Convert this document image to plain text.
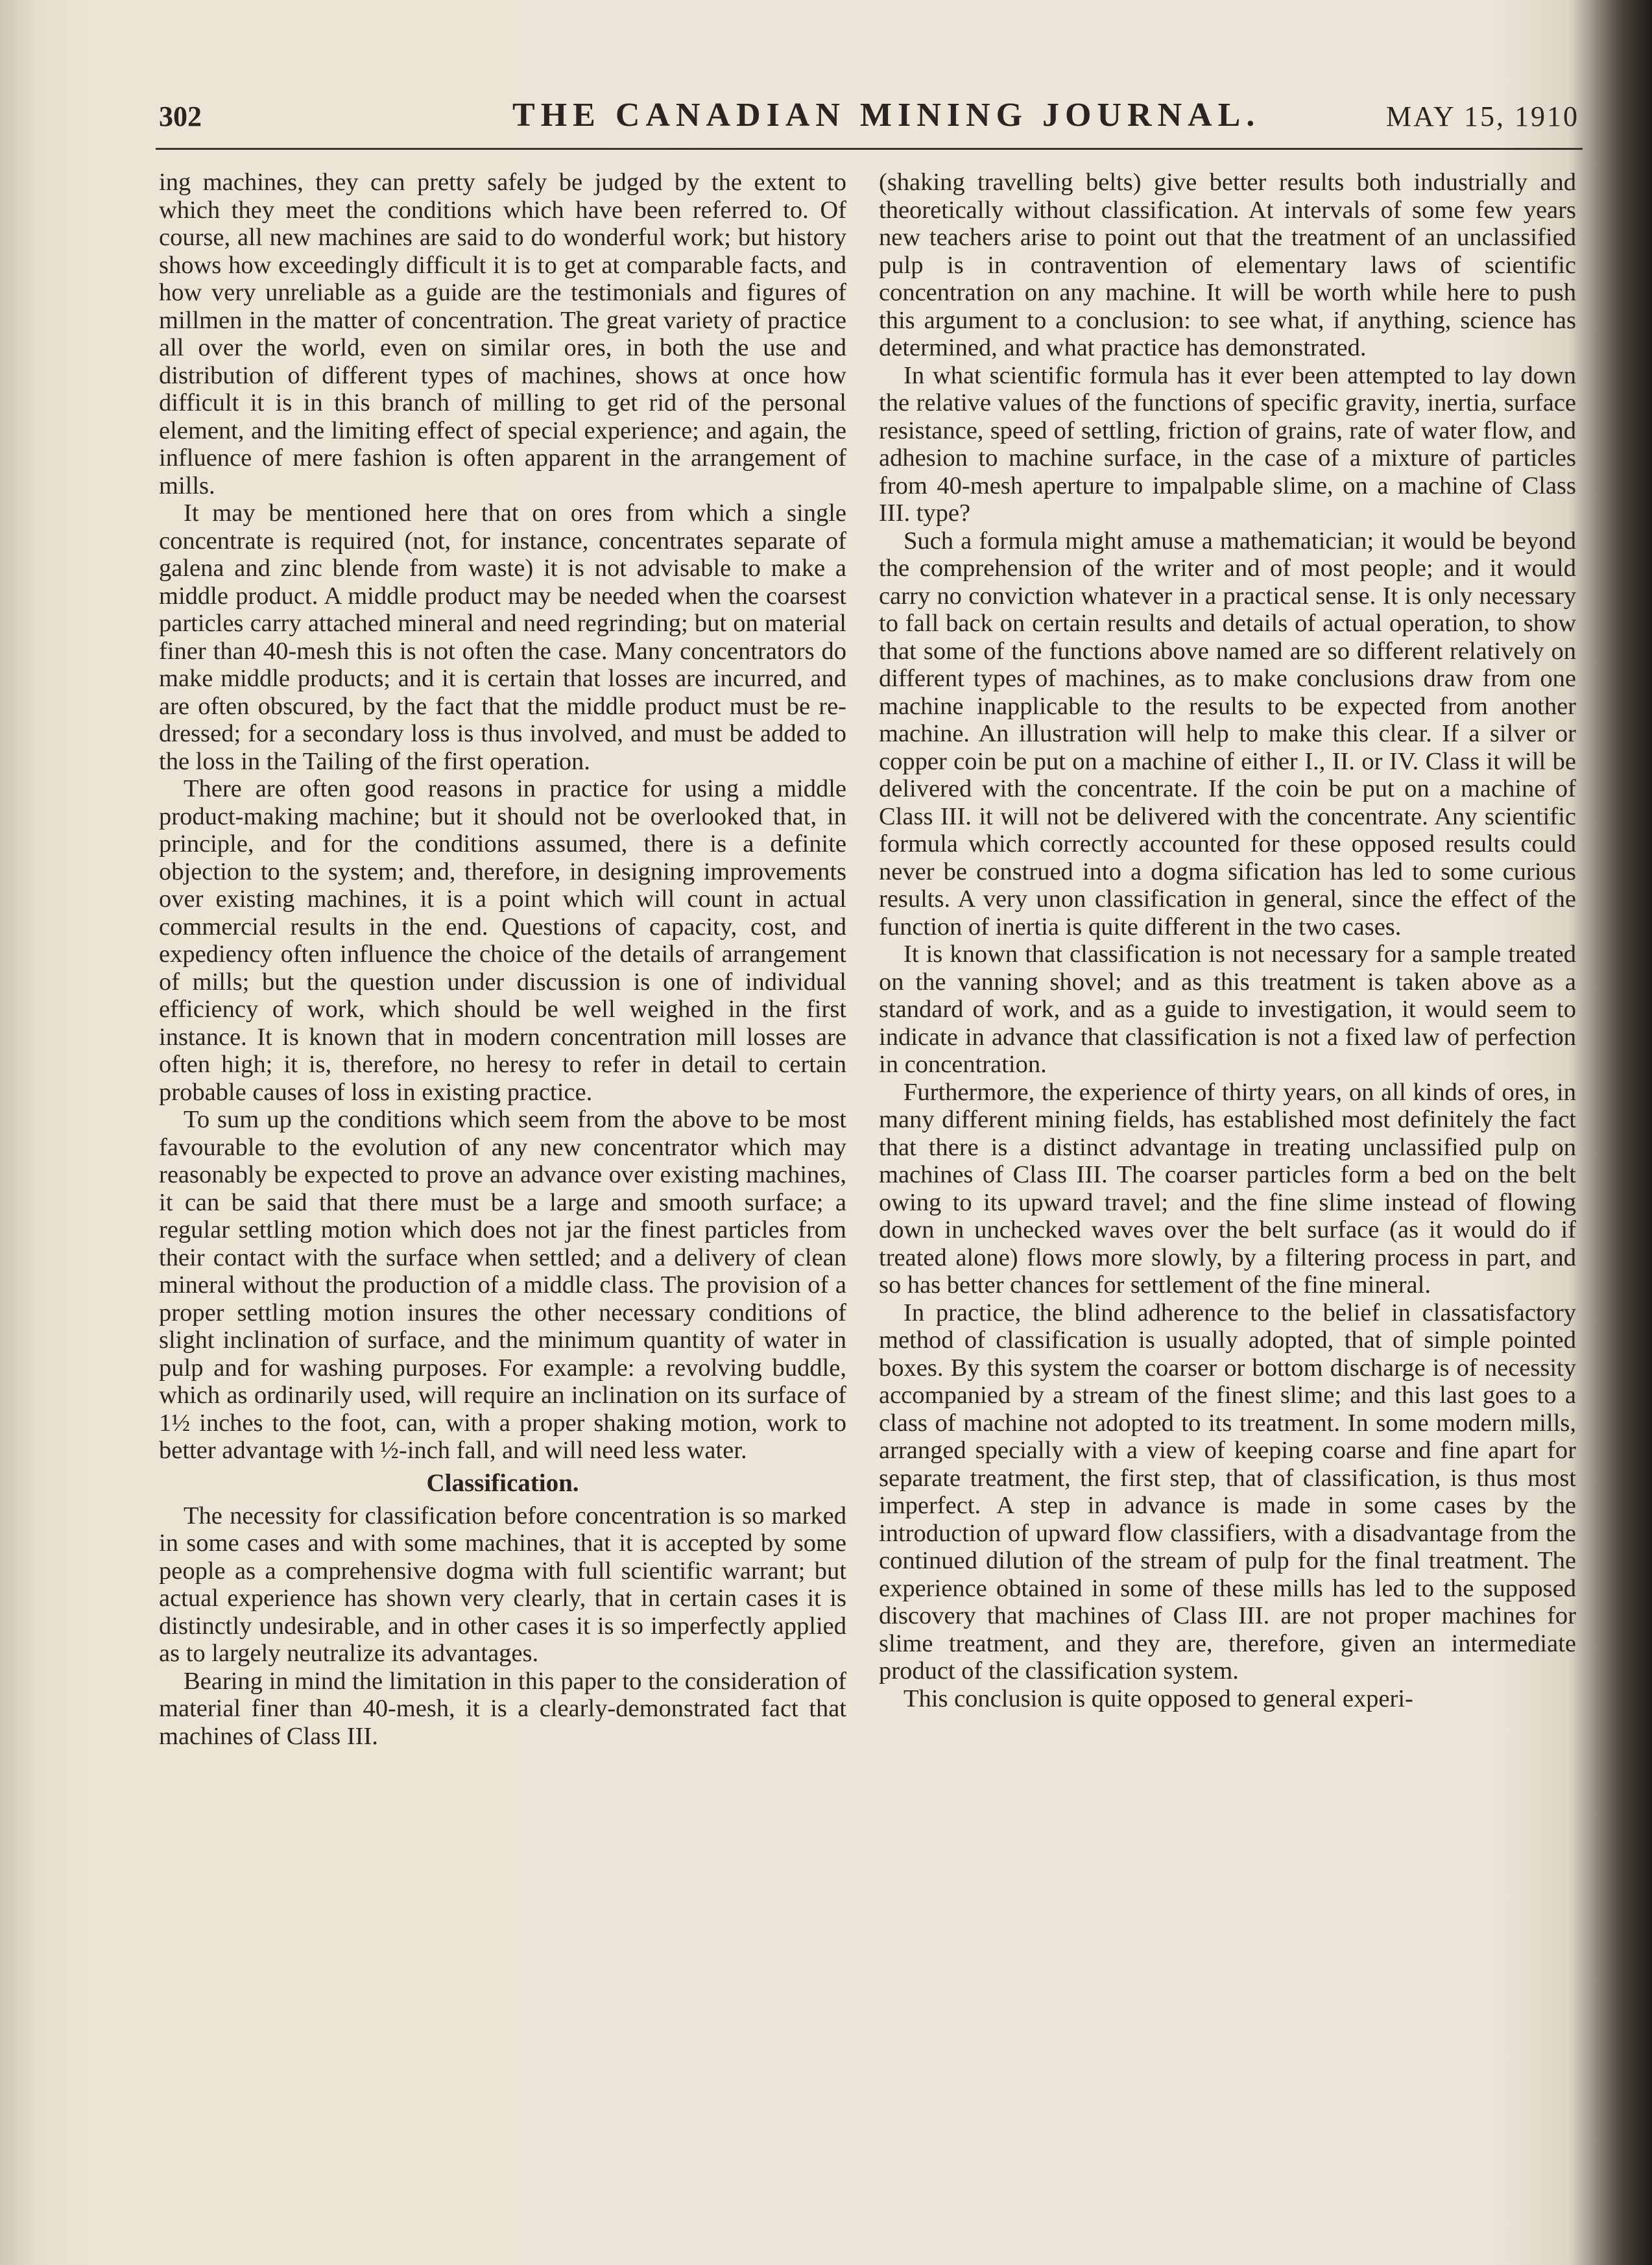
302	THE CANADIAN MINING JOURNAL.	MAY 15, 1910

ing machines, they can pretty safely be judged by the extent to which they meet the conditions which have been referred to. Of course, all new machines are said to do wonderful work; but history shows how exceedingly difficult it is to get at comparable facts, and how very unreliable as a guide are the testimonials and figures of millmen in the matter of concentration. The great variety of practice all over the world, even on similar ores, in both the use and distribution of different types of machines, shows at once how difficult it is in this branch of milling to get rid of the personal element, and the limiting effect of special experience; and again, the influence of mere fashion is often apparent in the arrangement of mills.

It may be mentioned here that on ores from which a single concentrate is required (not, for instance, concentrates separate of galena and zinc blende from waste) it is not advisable to make a middle product. A middle product may be needed when the coarsest particles carry attached mineral and need regrinding; but on material finer than 40-mesh this is not often the case. Many concentrators do make middle products; and it is certain that losses are incurred, and are often obscured, by the fact that the middle product must be re-dressed; for a secondary loss is thus involved, and must be added to the loss in the Tailing of the first operation.

There are often good reasons in practice for using a middle product-making machine; but it should not be overlooked that, in principle, and for the conditions assumed, there is a definite objection to the system; and, therefore, in designing improvements over existing machines, it is a point which will count in actual commercial results in the end. Questions of capacity, cost, and expediency often influence the choice of the details of arrangement of mills; but the question under discussion is one of individual efficiency of work, which should be well weighed in the first instance. It is known that in modern concentration mill losses are often high; it is, therefore, no heresy to refer in detail to certain probable causes of loss in existing practice.

To sum up the conditions which seem from the above to be most favourable to the evolution of any new concentrator which may reasonably be expected to prove an advance over existing machines, it can be said that there must be a large and smooth surface; a regular settling motion which does not jar the finest particles from their contact with the surface when settled; and a delivery of clean mineral without the production of a middle class. The provision of a proper settling motion insures the other necessary conditions of slight inclination of surface, and the minimum quantity of water in pulp and for washing purposes. For example: a revolving buddle, which as ordinarily used, will require an inclination on its surface of 1½ inches to the foot, can, with a proper shaking motion, work to better advantage with ½-inch fall, and will need less water.

Classification.

The necessity for classification before concentration is so marked in some cases and with some machines, that it is accepted by some people as a comprehensive dogma with full scientific warrant; but actual experience has shown very clearly, that in certain cases it is distinctly undesirable, and in other cases it is so imperfectly applied as to largely neutralize its advantages.

Bearing in mind the limitation in this paper to the consideration of material finer than 40-mesh, it is a clearly-demonstrated fact that machines of Class III.

(shaking travelling belts) give better results both industrially and theoretically without classification. At intervals of some few years new teachers arise to point out that the treatment of an unclassified pulp is in contravention of elementary laws of scientific concentration on any machine. It will be worth while here to push this argument to a conclusion: to see what, if anything, science has determined, and what practice has demonstrated.

In what scientific formula has it ever been attempted to lay down the relative values of the functions of specific gravity, inertia, surface resistance, speed of settling, friction of grains, rate of water flow, and adhesion to machine surface, in the case of a mixture of particles from 40-mesh aperture to impalpable slime, on a machine of Class III. type?

Such a formula might amuse a mathematician; it would be beyond the comprehension of the writer and of most people; and it would carry no conviction whatever in a practical sense. It is only necessary to fall back on certain results and details of actual operation, to show that some of the functions above named are so different relatively on different types of machines, as to make conclusions draw from one machine inapplicable to the results to be expected from another machine. An illustration will help to make this clear. If a silver or copper coin be put on a machine of either I., II. or IV. Class it will be delivered with the concentrate. If the coin be put on a machine of Class III. it will not be delivered with the concentrate. Any scientific formula which correctly accounted for these opposed results could never be construed into a dogma sification has led to some curious results. A very unon classification in general, since the effect of the function of inertia is quite different in the two cases.

It is known that classification is not necessary for a sample treated on the vanning shovel; and as this treatment is taken above as a standard of work, and as a guide to investigation, it would seem to indicate in advance that classification is not a fixed law of perfection in concentration.

Furthermore, the experience of thirty years, on all kinds of ores, in many different mining fields, has established most definitely the fact that there is a distinct advantage in treating unclassified pulp on machines of Class III. The coarser particles form a bed on the belt owing to its upward travel; and the fine slime instead of flowing down in unchecked waves over the belt surface (as it would do if treated alone) flows more slowly, by a filtering process in part, and so has better chances for settlement of the fine mineral.

In practice, the blind adherence to the belief in classatisfactory method of classification is usually adopted, that of simple pointed boxes. By this system the coarser or bottom discharge is of necessity accompanied by a stream of the finest slime; and this last goes to a class of machine not adopted to its treatment. In some modern mills, arranged specially with a view of keeping coarse and fine apart for separate treatment, the first step, that of classification, is thus most imperfect. A step in advance is made in some cases by the introduction of upward flow classifiers, with a disadvantage from the continued dilution of the stream of pulp for the final treatment. The experience obtained in some of these mills has led to the supposed discovery that machines of Class III. are not proper machines for slime treatment, and they are, therefore, given an intermediate product of the classification system.

This conclusion is quite opposed to general experi-
